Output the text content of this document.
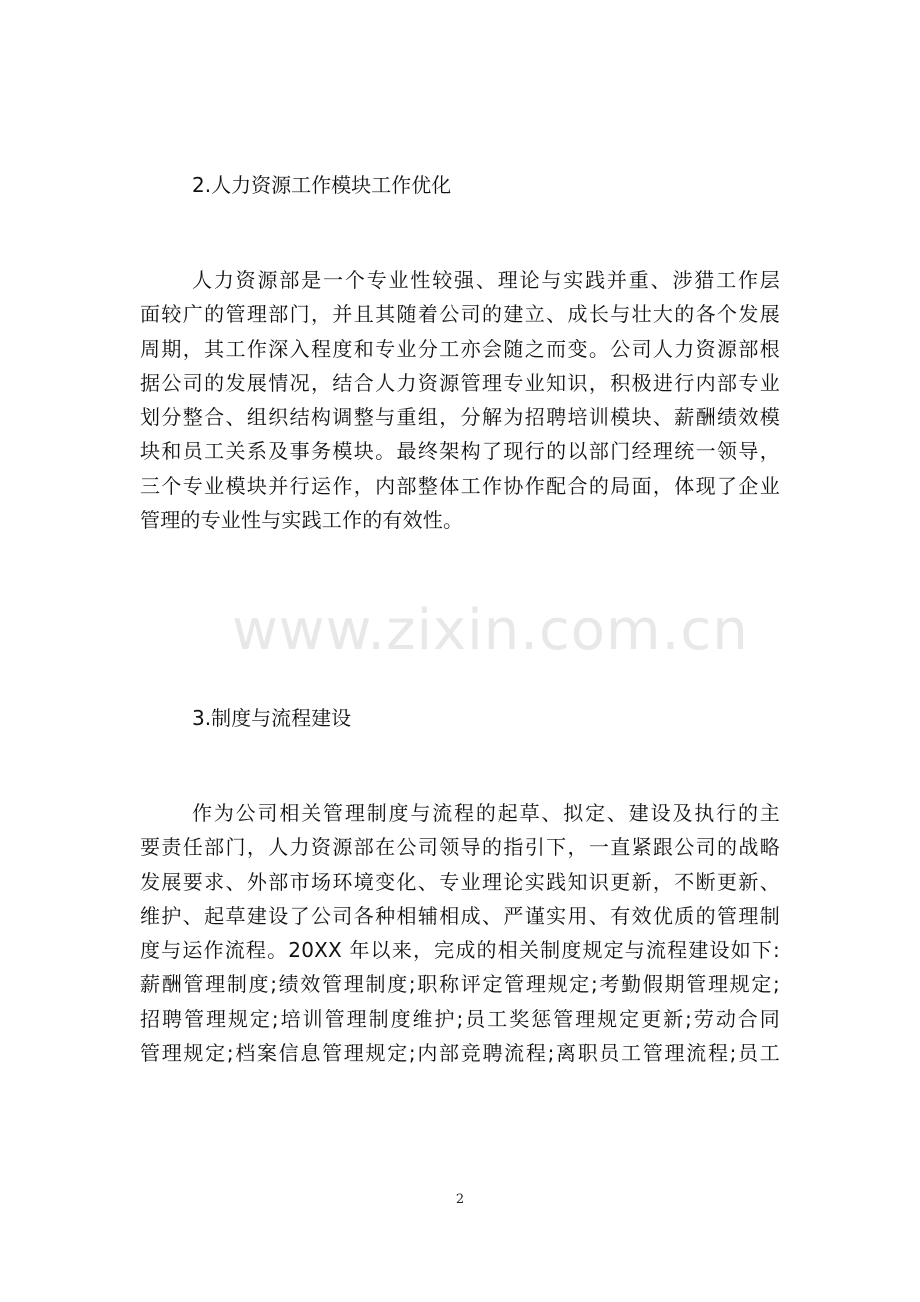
2.人力资源工作模块工作优化
人力资源部是一个专业性较强、理论与实践并重、涉猎工作层
面较广的管理部门，并且其随着公司的建立、成长与壮大的各个发展
周期，其工作深入程度和专业分工亦会随之而变。公司人力资源部根
据公司的发展情况，结合人力资源管理专业知识，积极进行内部专业
划分整合、组织结构调整与重组，分解为招聘培训模块、薪酬绩效模
块和员工关系及事务模块。最终架构了现行的以部门经理统一领导，
三个专业模块并行运作，内部整体工作协作配合的局面，体现了企业
管理的专业性与实践工作的有效性。
www.zixin.com.cn
3.制度与流程建设
作为公司相关管理制度与流程的起草、拟定、建设及执行的主
要责任部门，人力资源部在公司领导的指引下，一直紧跟公司的战略
发展要求、外部市场环境变化、专业理论实践知识更新，不断更新、
维护、起草建设了公司各种相辅相成、严谨实用、有效优质的管理制
度与运作流程。20XX 年以来，完成的相关制度规定与流程建设如下:
薪酬管理制度;绩效管理制度;职称评定管理规定;考勤假期管理规定;
招聘管理规定;培训管理制度维护;员工奖惩管理规定更新;劳动合同
管理规定;档案信息管理规定;内部竞聘流程;离职员工管理流程;员工
2
